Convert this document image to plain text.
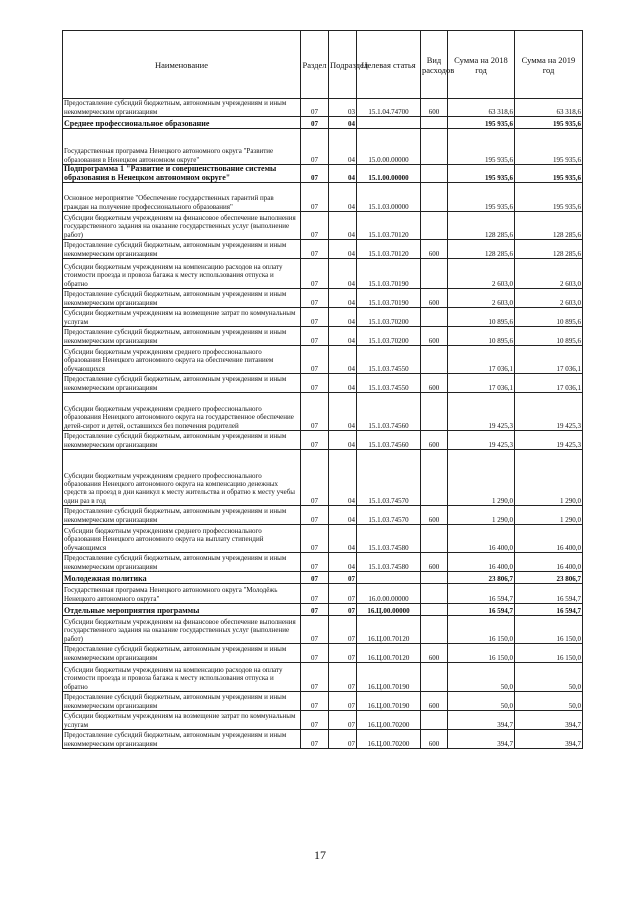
Наименование	Раздел	Подраздел	Целевая статья	Вид расходов	Сумма на 2018 год	Сумма на 2019 год
Предоставление субсидий бюджетным, автономным учреждениям и иным некоммерческим организациям	07	03	15.1.04.74700	600	63 318,6	63 318,6
Среднее профессиональное образование	07	04			195 935,6	195 935,6
Государственная программа Ненецкого автономного округа "Развитие образования в Ненецком автономном округе"	07	04	15.0.00.00000		195 935,6	195 935,6
Подпрограмма 1 "Развитие и совершенствование системы образования в Ненецком автономном округе"	07	04	15.1.00.00000		195 935,6	195 935,6
Основное мероприятие "Обеспечение государственных гарантий прав граждан на получение профессионального образования"	07	04	15.1.03.00000		195 935,6	195 935,6
Субсидии бюджетным учреждениям на финансовое обеспечение выполнения государственного задания на оказание государственных услуг (выполнение работ)	07	04	15.1.03.70120		128 285,6	128 285,6
Предоставление субсидий бюджетным, автономным учреждениям и иным некоммерческим организациям	07	04	15.1.03.70120	600	128 285,6	128 285,6
Субсидии бюджетным учреждениям на компенсацию расходов на оплату стоимости проезда и провоза багажа к месту использования отпуска и обратно	07	04	15.1.03.70190		2 603,0	2 603,0
Предоставление субсидий бюджетным, автономным учреждениям и иным некоммерческим организациям	07	04	15.1.03.70190	600	2 603,0	2 603,0
Субсидии бюджетным учреждениям на возмещение затрат по коммунальным услугам	07	04	15.1.03.70200		10 895,6	10 895,6
Предоставление субсидий бюджетным, автономным учреждениям и иным некоммерческим организациям	07	04	15.1.03.70200	600	10 895,6	10 895,6
Субсидии бюджетным учреждениям среднего профессионального образования Ненецкого автономного округа на обеспечение питанием обучающихся	07	04	15.1.03.74550		17 036,1	17 036,1
Предоставление субсидий бюджетным, автономным учреждениям и иным некоммерческим организациям	07	04	15.1.03.74550	600	17 036,1	17 036,1
Субсидии бюджетным учреждениям среднего профессионального образования Ненецкого автономного округа на государственное обеспечение детей-сирот и детей, оставшихся без попечения родителей	07	04	15.1.03.74560		19 425,3	19 425,3
Предоставление субсидий бюджетным, автономным учреждениям и иным некоммерческим организациям	07	04	15.1.03.74560	600	19 425,3	19 425,3
Субсидии бюджетным учреждениям среднего профессионального образования Ненецкого автономного округа на компенсацию денежных средств за проезд в дни каникул к месту жительства и обратно к месту учебы один раз в год	07	04	15.1.03.74570		1 290,0	1 290,0
Предоставление субсидий бюджетным, автономным учреждениям и иным некоммерческим организациям	07	04	15.1.03.74570	600	1 290,0	1 290,0
Субсидии бюджетным учреждениям среднего профессионального образования Ненецкого автономного округа на выплату стипендий обучающимся	07	04	15.1.03.74580		16 400,0	16 400,0
Предоставление субсидий бюджетным, автономным учреждениям и иным некоммерческим организациям	07	04	15.1.03.74580	600	16 400,0	16 400,0
Молодежная политика	07	07			23 806,7	23 806,7
Государственная программа Ненецкого автономного округа "Молодёжь Ненецкого автономного округа"	07	07	16.0.00.00000		16 594,7	16 594,7
Отдельные мероприятия программы	07	07	16.Ц.00.00000		16 594,7	16 594,7
Субсидии бюджетным учреждениям на финансовое обеспечение выполнения государственного задания на оказание государственных услуг (выполнение работ)	07	07	16.Ц.00.70120		16 150,0	16 150,0
Предоставление субсидий бюджетным, автономным учреждениям и иным некоммерческим организациям	07	07	16.Ц.00.70120	600	16 150,0	16 150,0
Субсидии бюджетным учреждениям на компенсацию расходов на оплату стоимости проезда и провоза багажа к месту использования отпуска и обратно	07	07	16.Ц.00.70190		50,0	50,0
Предоставление субсидий бюджетным, автономным учреждениям и иным некоммерческим организациям	07	07	16.Ц.00.70190	600	50,0	50,0
Субсидии бюджетным учреждениям на возмещение затрат по коммунальным услугам	07	07	16.Ц.00.70200		394,7	394,7
Предоставление субсидий бюджетным, автономным учреждениям и иным некоммерческим организациям	07	07	16.Ц.00.70200	600	394,7	394,7
17
